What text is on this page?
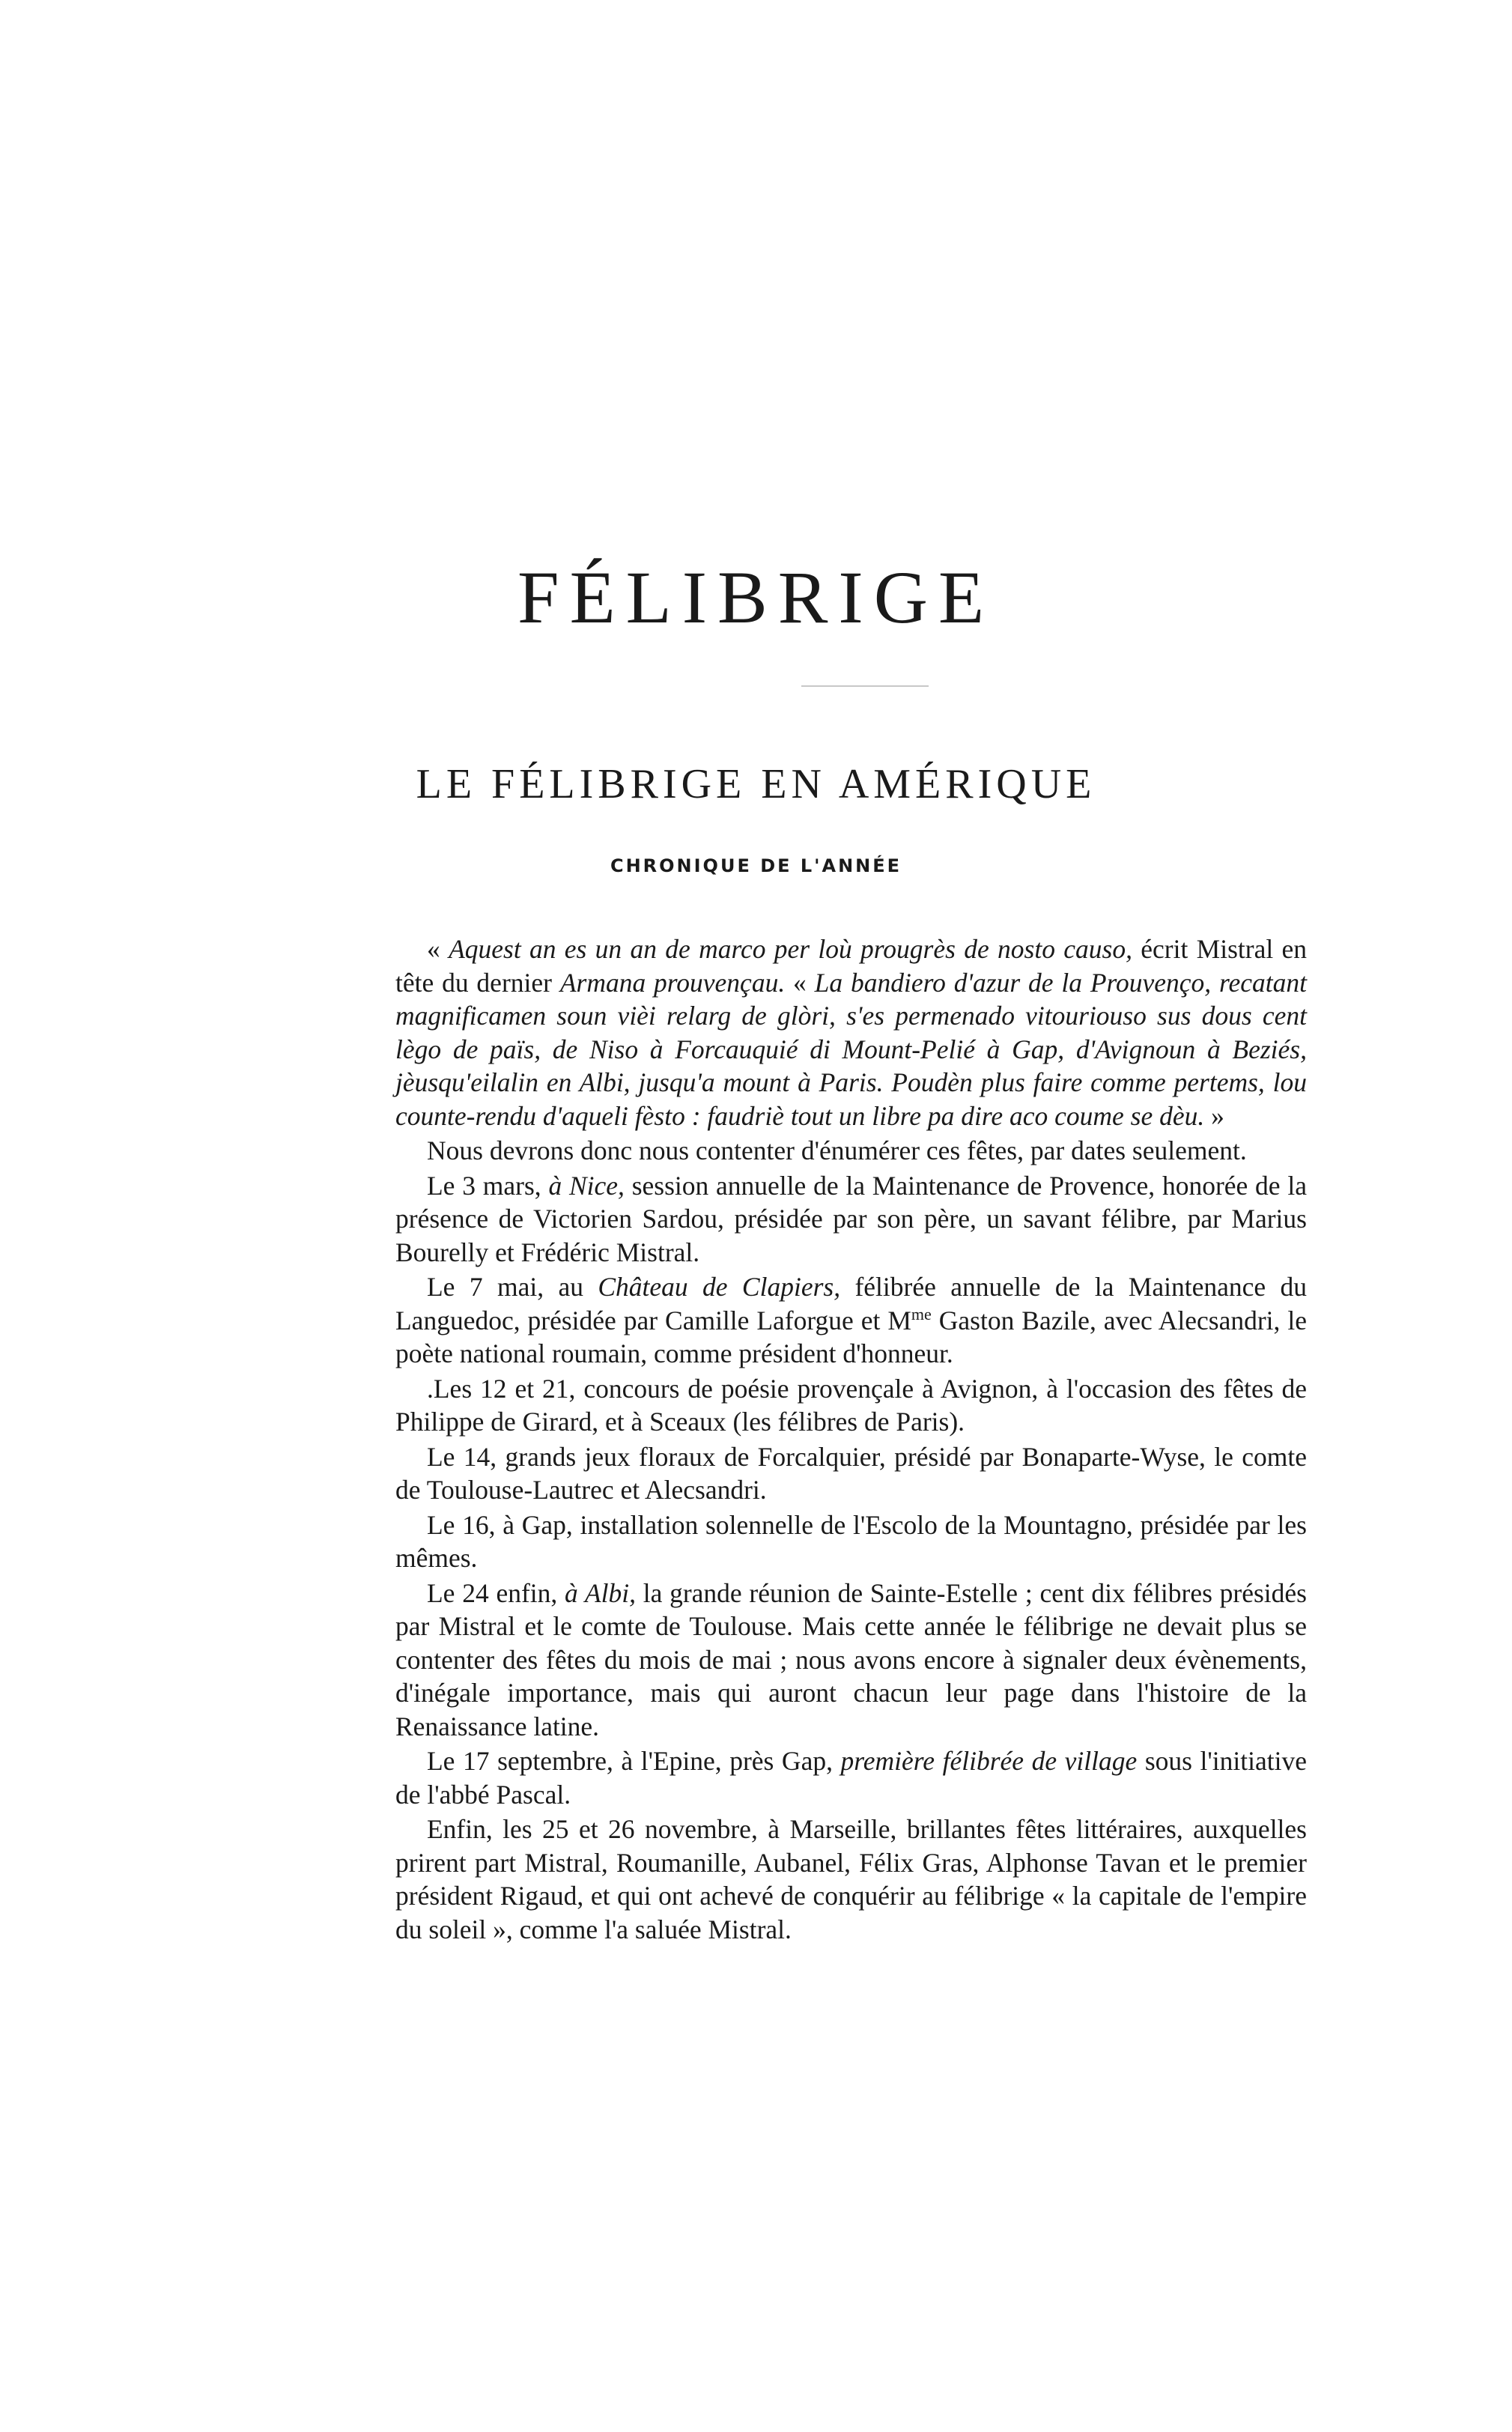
FÉLIBRIGE
LE FÉLIBRIGE EN AMÉRIQUE
CHRONIQUE DE L'ANNÉE

« Aquest an es un an de marco per loù prougrès de nosto causo, écrit Mistral en tête du dernier Armana prouvençau. « La bandiero d'azur de la Prouvenço, recatant magnificamen soun vièi relarg de glòri, s'es permenado vitouriouso sus dous cent lègo de païs, de Niso à Forcauquié di Mount-Pelié à Gap, d'Avignoun à Beziés, jèusqu'eilalin en Albi, jusqu'a mount à Paris. Poudèn plus faire comme pertems, lou counte-rendu d'aqueli fèsto : faudriè tout un libre pa dire aco coume se dèu. »

Nous devrons donc nous contenter d'énumérer ces fêtes, par dates seulement.

Le 3 mars, à Nice, session annuelle de la Maintenance de Provence, honorée de la présence de Victorien Sardou, présidée par son père, un savant félibre, par Marius Bourelly et Frédéric Mistral.

Le 7 mai, au Château de Clapiers, félibrée annuelle de la Maintenance du Languedoc, présidée par Camille Laforgue et $M^{me}$ Gaston Bazile, avec Alecsandri, le poète national roumain, comme président d'honneur.

.Les 12 et 21, concours de poésie provençale à Avignon, à l'occasion des fêtes de Philippe de Girard, et à Sceaux (les félibres de Paris).

Le 14, grands jeux floraux de Forcalquier, présidé par Bonaparte-Wyse, le comte de Toulouse-Lautrec et Alecsandri.

Le 16, à Gap, installation solennelle de l'Escolo de la Mountagno, présidée par les mêmes.

Le 24 enfin, à Albi, la grande réunion de Sainte-Estelle ; cent dix félibres présidés par Mistral et le comte de Toulouse. Mais cette année le félibrige ne devait plus se contenter des fêtes du mois de mai ; nous avons encore à signaler deux évènements, d'inégale importance, mais qui auront chacun leur page dans l'histoire de la Renaissance latine.

Le 17 septembre, à l'Epine, près Gap, première félibrée de village sous l'initiative de l'abbé Pascal.

Enfin, les 25 et 26 novembre, à Marseille, brillantes fêtes littéraires, auxquelles prirent part Mistral, Roumanille, Aubanel, Félix Gras, Alphonse Tavan et le premier président Rigaud, et qui ont achevé de conquérir au félibrige « la capitale de l'empire du soleil », comme l'a saluée Mistral.
